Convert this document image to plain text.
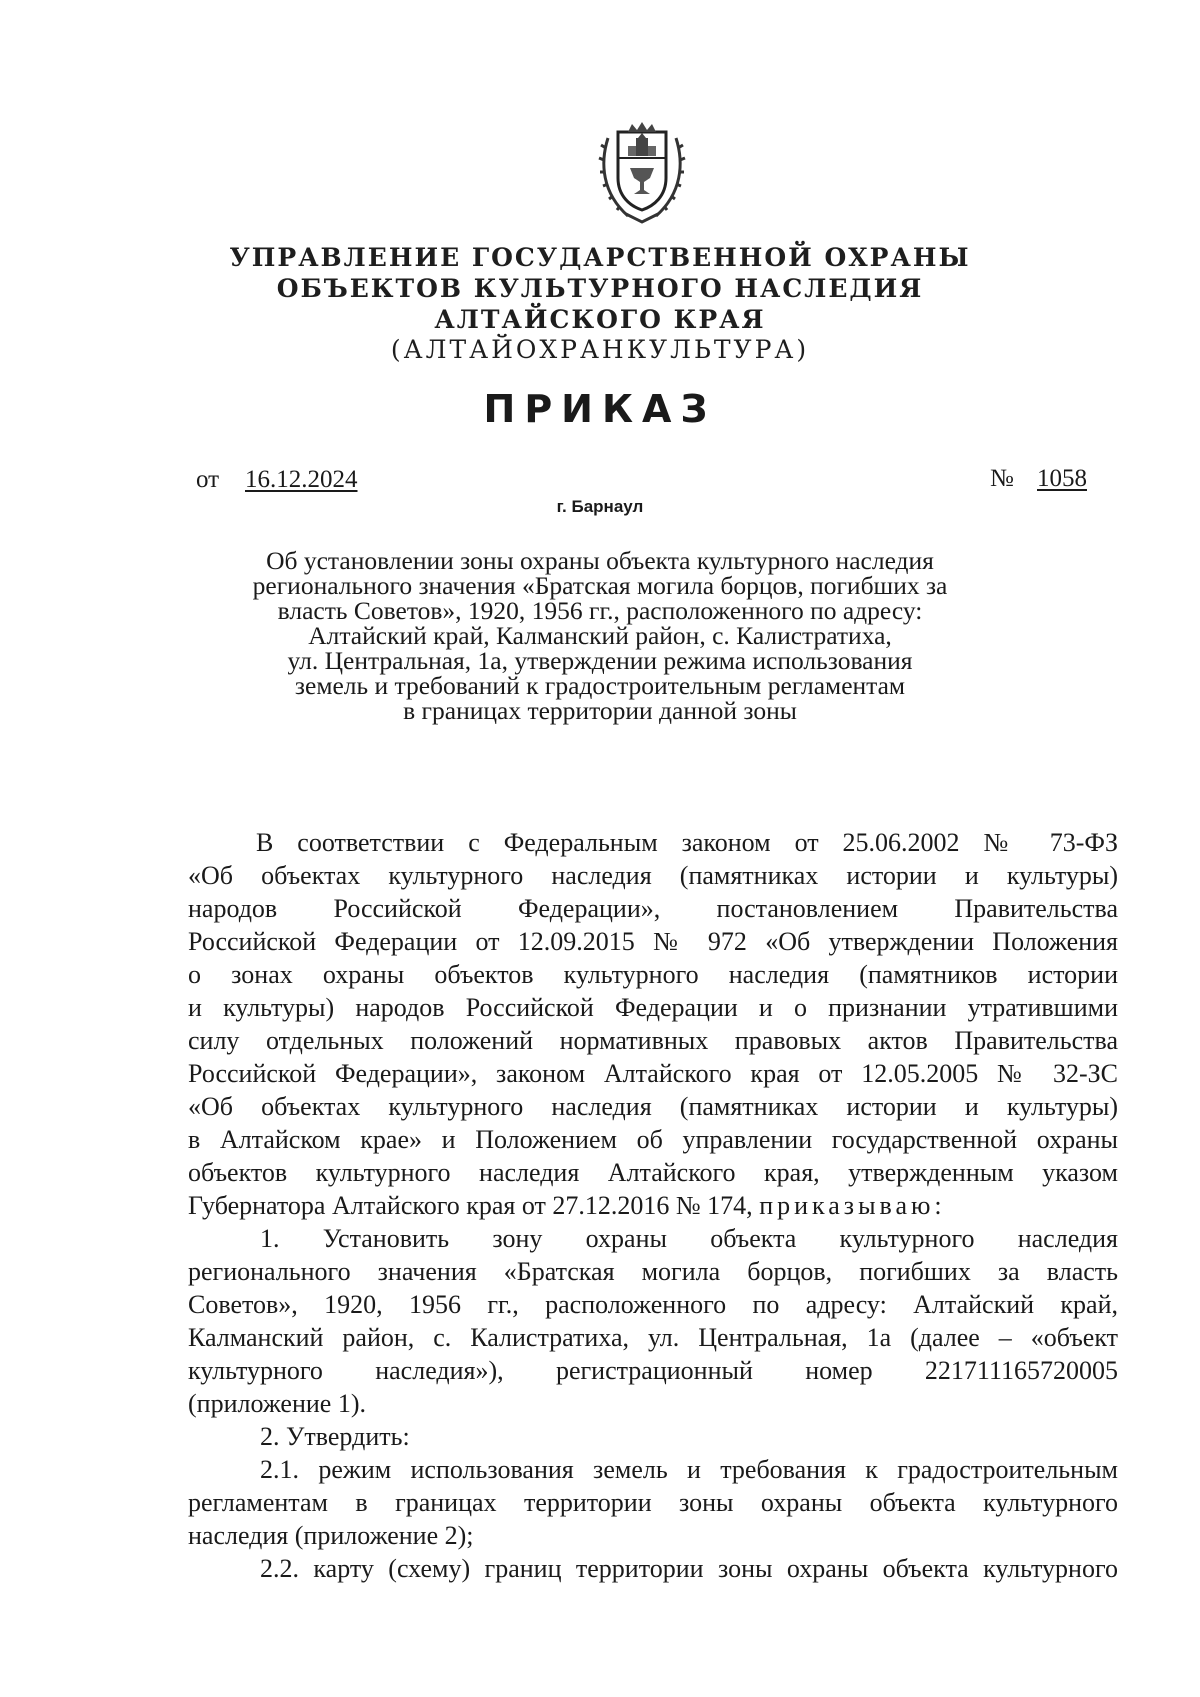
УПРАВЛЕНИЕ ГОСУДАРСТВЕННОЙ ОХРАНЫ
ОБЪЕКТОВ КУЛЬТУРНОГО НАСЛЕДИЯ
АЛТАЙСКОГО КРАЯ
(АЛТАЙОХРАНКУЛЬТУРА)
ПРИКАЗ
от 16.12.2024	№ 1058
г. Барнаул
Об установлении зоны охраны объекта культурного наследия
регионального значения «Братская могила борцов, погибших за
власть Советов», 1920, 1956 гг., расположенного по адресу:
Алтайский край, Калманский район, с. Калистратиха,
ул. Центральная, 1а, утверждении режима использования
земель и требований к градостроительным регламентам
в границах территории данной зоны
В соответствии с Федеральным законом от 25.06.2002 № 73-ФЗ
«Об объектах культурного наследия (памятниках истории и культуры)
народов Российской Федерации», постановлением Правительства
Российской Федерации от 12.09.2015 № 972 «Об утверждении Положения
о зонах охраны объектов культурного наследия (памятников истории
и культуры) народов Российской Федерации и о признании утратившими
силу отдельных положений нормативных правовых актов Правительства
Российской Федерации», законом Алтайского края от 12.05.2005 № 32-ЗС
«Об объектах культурного наследия (памятниках истории и культуры)
в Алтайском крае» и Положением об управлении государственной охраны
объектов культурного наследия Алтайского края, утвержденным указом
Губернатора Алтайского края от 27.12.2016 № 174, приказываю:
1. Установить зону охраны объекта культурного наследия
регионального значения «Братская могила борцов, погибших за власть
Советов», 1920, 1956 гг., расположенного по адресу: Алтайский край,
Калманский район, с. Калистратиха, ул. Центральная, 1а (далее – «объект
культурного наследия»), регистрационный номер 221711165720005
(приложение 1).
2. Утвердить:
2.1. режим использования земель и требования к градостроительным
регламентам в границах территории зоны охраны объекта культурного
наследия (приложение 2);
2.2. карту (схему) границ территории зоны охраны объекта культурного
